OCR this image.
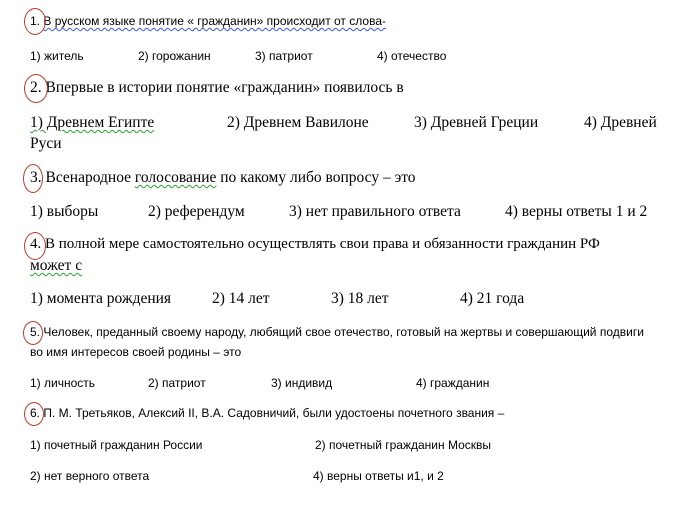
1. В русском языке понятие « гражданин» происходит от слова-
1) житель	2) горожанин	3) патриот	4) отечество
2. Впервые в истории понятие «гражданин» появилось в
1) Древнем Египте	2) Древнем Вавилоне	3) Древней Греции	4) Древней
Руси
3. Всенародное голосование по какому либо вопросу – это
1) выборы	2) референдум	3) нет правильного ответа	4) верны ответы 1 и 2
4. В полной мере самостоятельно осуществлять свои права и обязанности гражданин РФ
может с
1) момента рождения	2) 14 лет	3) 18 лет	4) 21 года
5. Человек, преданный своему народу, любящий свое отечество, готовый на жертвы и совершающий подвиги
во имя интересов своей родины – это
1) личность	2) патриот	3) индивид	4) гражданин
6. П. М. Третьяков, Алексий II, В.А. Садовничий, были удостоены почетного звания –
1) почетный гражданин России	2) почетный гражданин Москвы
2) нет верного ответа	4) верны ответы и1, и 2
